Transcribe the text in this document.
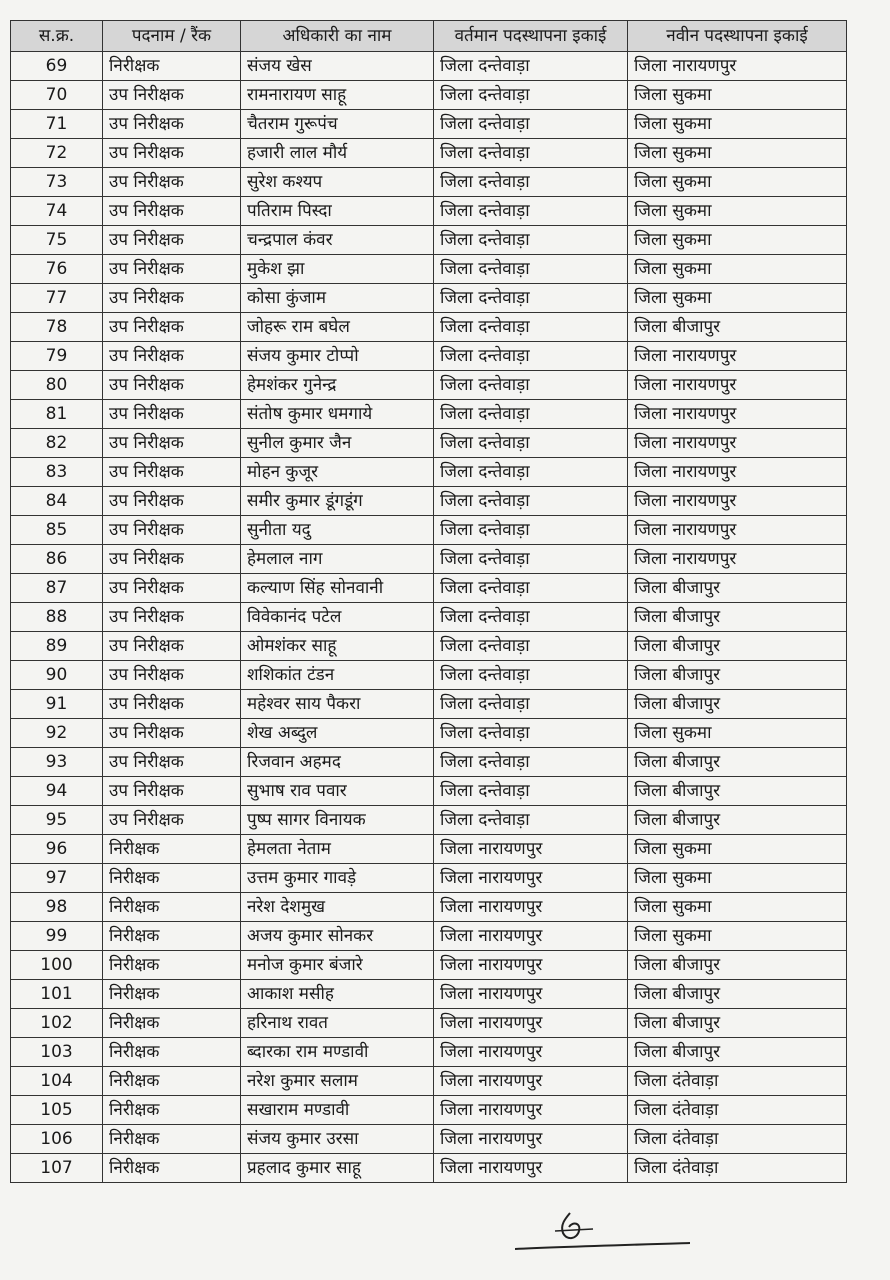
स.क्र.	पदनाम / रैंक	अधिकारी का नाम	वर्तमान पदस्थापना इकाई	नवीन पदस्थापना इकाई
69	निरीक्षक	संजय खेस	जिला दन्तेवाड़ा	जिला नारायणपुर
70	उप निरीक्षक	रामनारायण साहू	जिला दन्तेवाड़ा	जिला सुकमा
71	उप निरीक्षक	चैतराम गुरूपंच	जिला दन्तेवाड़ा	जिला सुकमा
72	उप निरीक्षक	हजारी लाल मौर्य	जिला दन्तेवाड़ा	जिला सुकमा
73	उप निरीक्षक	सुरेश कश्यप	जिला दन्तेवाड़ा	जिला सुकमा
74	उप निरीक्षक	पतिराम पिस्दा	जिला दन्तेवाड़ा	जिला सुकमा
75	उप निरीक्षक	चन्द्रपाल कंवर	जिला दन्तेवाड़ा	जिला सुकमा
76	उप निरीक्षक	मुकेश झा	जिला दन्तेवाड़ा	जिला सुकमा
77	उप निरीक्षक	कोसा कुंजाम	जिला दन्तेवाड़ा	जिला सुकमा
78	उप निरीक्षक	जोहरू राम बघेल	जिला दन्तेवाड़ा	जिला बीजापुर
79	उप निरीक्षक	संजय कुमार टोप्पो	जिला दन्तेवाड़ा	जिला नारायणपुर
80	उप निरीक्षक	हेमशंकर गुनेन्द्र	जिला दन्तेवाड़ा	जिला नारायणपुर
81	उप निरीक्षक	संतोष कुमार धमगाये	जिला दन्तेवाड़ा	जिला नारायणपुर
82	उप निरीक्षक	सुनील कुमार जैन	जिला दन्तेवाड़ा	जिला नारायणपुर
83	उप निरीक्षक	मोहन कुजूर	जिला दन्तेवाड़ा	जिला नारायणपुर
84	उप निरीक्षक	समीर कुमार डूंगडूंग	जिला दन्तेवाड़ा	जिला नारायणपुर
85	उप निरीक्षक	सुनीता यदु	जिला दन्तेवाड़ा	जिला नारायणपुर
86	उप निरीक्षक	हेमलाल नाग	जिला दन्तेवाड़ा	जिला नारायणपुर
87	उप निरीक्षक	कल्याण सिंह सोनवानी	जिला दन्तेवाड़ा	जिला बीजापुर
88	उप निरीक्षक	विवेकानंद पटेल	जिला दन्तेवाड़ा	जिला बीजापुर
89	उप निरीक्षक	ओमशंकर साहू	जिला दन्तेवाड़ा	जिला बीजापुर
90	उप निरीक्षक	शशिकांत टंडन	जिला दन्तेवाड़ा	जिला बीजापुर
91	उप निरीक्षक	महेश्वर साय पैकरा	जिला दन्तेवाड़ा	जिला बीजापुर
92	उप निरीक्षक	शेख अब्दुल	जिला दन्तेवाड़ा	जिला सुकमा
93	उप निरीक्षक	रिजवान अहमद	जिला दन्तेवाड़ा	जिला बीजापुर
94	उप निरीक्षक	सुभाष राव पवार	जिला दन्तेवाड़ा	जिला बीजापुर
95	उप निरीक्षक	पुष्प सागर विनायक	जिला दन्तेवाड़ा	जिला बीजापुर
96	निरीक्षक	हेमलता नेताम	जिला नारायणपुर	जिला सुकमा
97	निरीक्षक	उत्तम कुमार गावड़े	जिला नारायणपुर	जिला सुकमा
98	निरीक्षक	नरेश देशमुख	जिला नारायणपुर	जिला सुकमा
99	निरीक्षक	अजय कुमार सोनकर	जिला नारायणपुर	जिला सुकमा
100	निरीक्षक	मनोज कुमार बंजारे	जिला नारायणपुर	जिला बीजापुर
101	निरीक्षक	आकाश मसीह	जिला नारायणपुर	जिला बीजापुर
102	निरीक्षक	हरिनाथ रावत	जिला नारायणपुर	जिला बीजापुर
103	निरीक्षक	ब्दारका राम मण्डावी	जिला नारायणपुर	जिला बीजापुर
104	निरीक्षक	नरेश कुमार सलाम	जिला नारायणपुर	जिला दंतेवाड़ा
105	निरीक्षक	सखाराम मण्डावी	जिला नारायणपुर	जिला दंतेवाड़ा
106	निरीक्षक	संजय कुमार उरसा	जिला नारायणपुर	जिला दंतेवाड़ा
107	निरीक्षक	प्रहलाद कुमार साहू	जिला नारायणपुर	जिला दंतेवाड़ा
